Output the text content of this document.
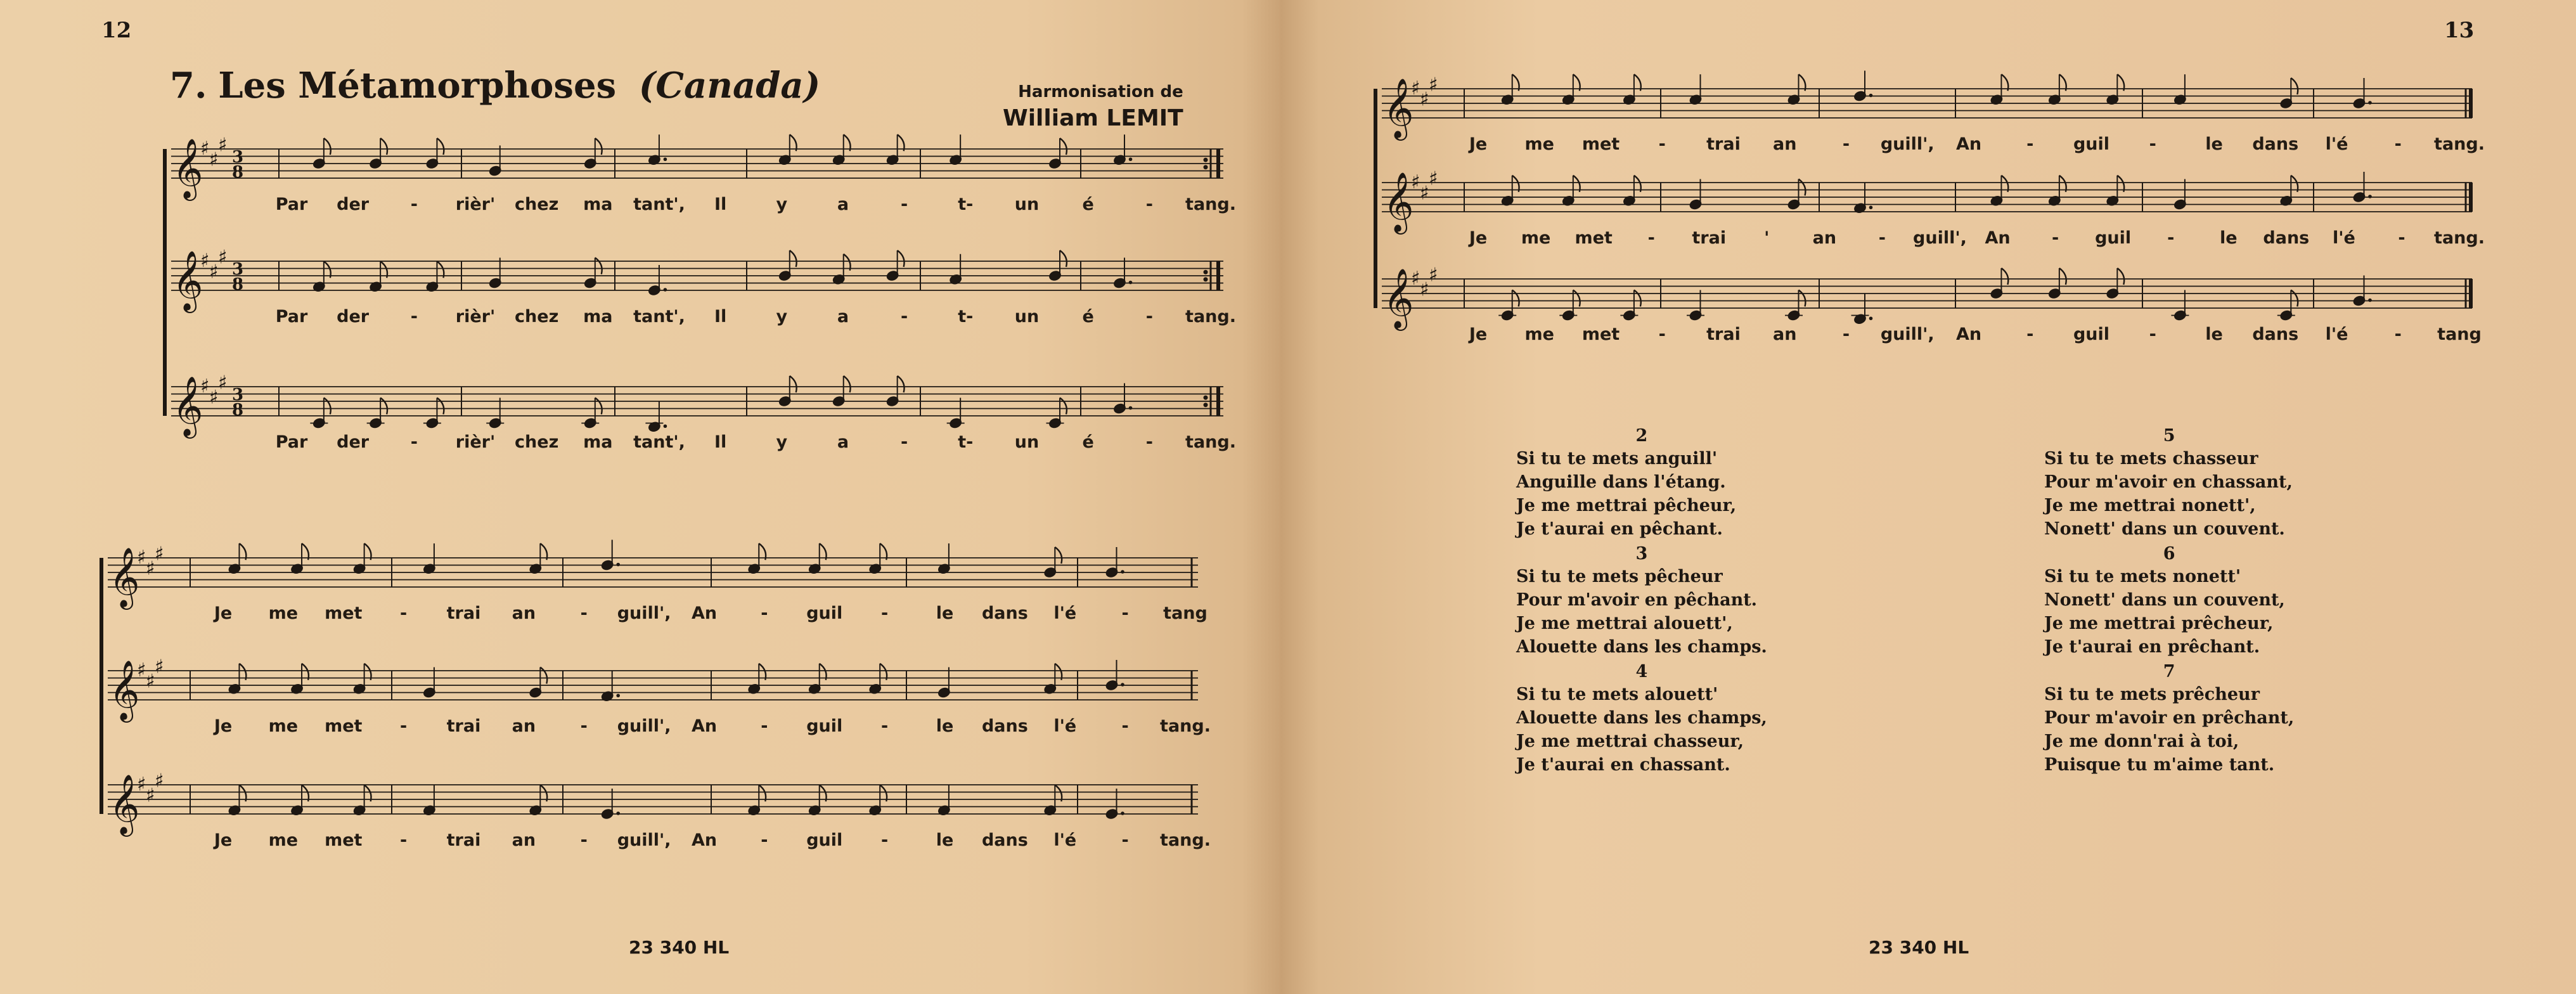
12
7. Les Métamorphoses (Canada)	Harmonisation de
William LEMIT
𝄞
♯ ♯
♯
3
8
Par der - rièr' chez ma tant', Il	y	a	-	t- un	é	- tang.
𝄞
♯ ♯
♯
3
8
Par der - rièr' chez ma tant', Il	y	a	-	t- un	é	- tang.
𝄞
♯ ♯
♯
3
8
Par der - rièr' chez ma tant', Il	y	a	-	t- un	é	- tang.
𝄞
♯ ♯
♯
Je me met - trai an	- guill', An	- guil -	le dans l'é	- tang
𝄞
♯ ♯
♯
Je me met - trai an	- guill', An	- guil -	le dans l'é	- tang.
𝄞
♯ ♯
♯
Je me met - trai an	- guill', An	- guil -	le dans l'é	- tang.
23 340 HL
13
𝄞
♯ ♯
♯
Je me met - trai an	- guill', An	- guil -	le dans l'é	- tang.
𝄞
♯ ♯
♯
Je me met - trai '	an - guill', An - guil -	le dans l'é	- tang.
𝄞
♯ ♯
♯
Je me met - trai an	- guill', An	- guil -	le dans l'é	- tang
2
Si tu te mets anguill'
Anguille dans l'étang.
Je me mettrai pêcheur,
Je t'aurai en pêchant.
3
Si tu te mets pêcheur
Pour m'avoir en pêchant.
Je me mettrai alouett',
Alouette dans les champs.
4
Si tu te mets alouett'
Alouette dans les champs,
Je me mettrai chasseur,
Je t'aurai en chassant.
5
Si tu te mets chasseur
Pour m'avoir en chassant,
Je me mettrai nonett',
Nonett' dans un couvent.
6
Si tu te mets nonett'
Nonett' dans un couvent,
Je me mettrai prêcheur,
Je t'aurai en prêchant.
7
Si tu te mets prêcheur
Pour m'avoir en prêchant,
Je me donn'rai à toi,
Puisque tu m'aime tant.
23 340 HL
